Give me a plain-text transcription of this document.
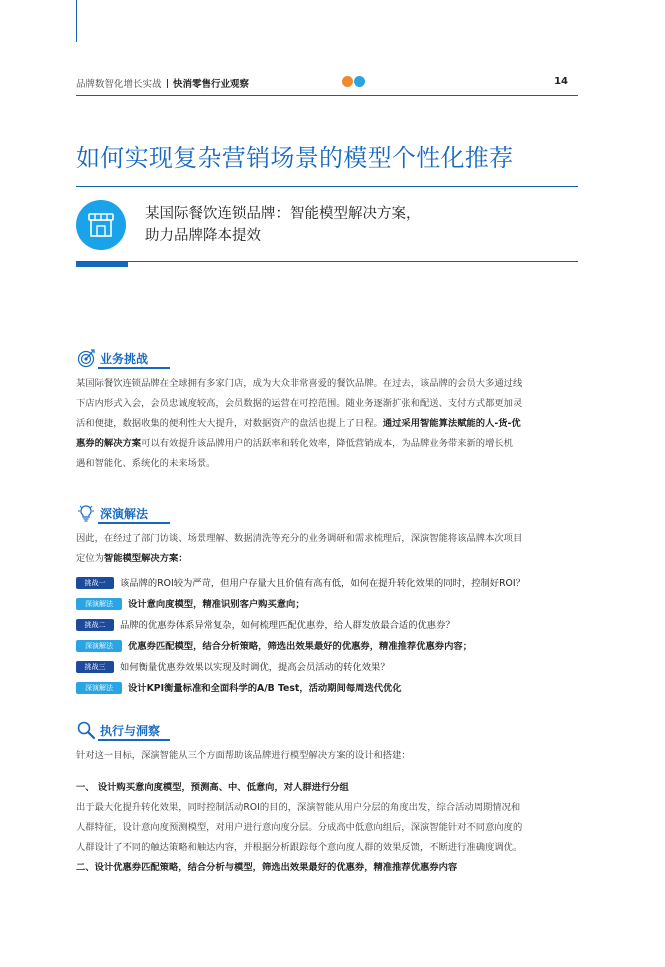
品牌数智化增长实战 快消零售行业观察	14
如何实现复杂营销场景的模型个性化推荐
某国际餐饮连锁品牌：智能模型解决方案，
助力品牌降本提效
业务挑战
某国际餐饮连锁品牌在全球拥有多家门店，成为大众非常喜爱的餐饮品牌。在过去，该品牌的会员大多通过线
下店内形式入会，会员忠诚度较高，会员数据的运营在可控范围。随业务逐渐扩张和配送、支付方式都更加灵
活和便捷，数据收集的便利性大大提升，对数据资产的盘活也提上了日程。通过采用智能算法赋能的人-货-优
惠券的解决方案可以有效提升该品牌用户的活跃率和转化效率，降低营销成本，为品牌业务带来新的增长机
遇和智能化、系统化的未来场景。
深演解法
因此，在经过了部门访谈、场景理解、数据清洗等充分的业务调研和需求梳理后，深演智能将该品牌本次项目
定位为智能模型解决方案：
挑战一 该品牌的ROI较为严苛，但用户存量大且价值有高有低，如何在提升转化效果的同时，控制好ROI？
深演解法 设计意向度模型，精准识别客户购买意向；
挑战二 品牌的优惠券体系异常复杂，如何梳理匹配优惠券，给人群发放最合适的优惠券？
深演解法 优惠券匹配模型，结合分析策略，筛选出效果最好的优惠券，精准推荐优惠券内容；
挑战三 如何衡量优惠券效果以实现及时调优，提高会员活动的转化效果？
深演解法 设计KPI衡量标准和全面科学的A/B Test，活动期间每周迭代优化
执行与洞察
针对这一目标，深演智能从三个方面帮助该品牌进行模型解决方案的设计和搭建：
一、 设计购买意向度模型，预测高、中、低意向，对人群进行分组
出于最大化提升转化效果，同时控制活动ROI的目的，深演智能从用户分层的角度出发，综合活动周期情况和
人群特征，设计意向度预测模型，对用户进行意向度分层。分成高中低意向组后，深演智能针对不同意向度的
人群设计了不同的触达策略和触达内容，并根据分析跟踪每个意向度人群的效果反馈，不断进行准确度调优。
二、设计优惠券匹配策略，结合分析与模型，筛选出效果最好的优惠券，精准推荐优惠券内容
